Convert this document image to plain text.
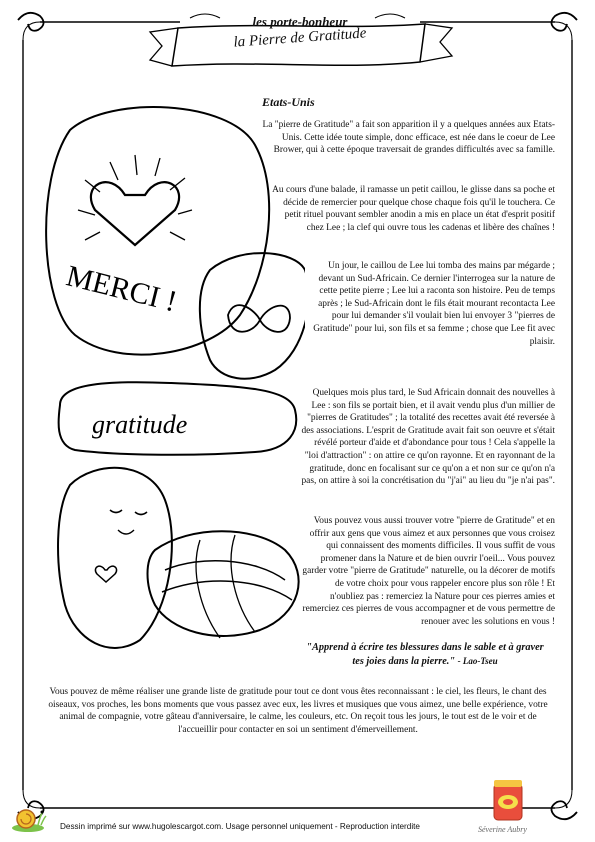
les porte-bonheur
la Pierre de Gratitude
Etats-Unis
MERCI !
gratitude

La "pierre de Gratitude" a fait son apparition il y a quelques années aux Etats-Unis. Cette idée toute simple, donc efficace, est née dans le coeur de Lee Brower, qui à cette époque traversait de grandes difficultés avec sa famille.

Au cours d'une balade, il ramasse un petit caillou, le glisse dans sa poche et décide de remercier pour quelque chose chaque fois qu'il le touchera. Ce petit rituel pouvant sembler anodin a mis en place un état d'esprit positif chez Lee ; la clef qui ouvre tous les cadenas et libère des chaînes !

Un jour, le caillou de Lee lui tomba des mains par mégarde ; devant un Sud-Africain. Ce dernier l'interrogea sur la nature de cette petite pierre ; Lee lui a raconta son histoire. Peu de temps après ; le Sud-Africain dont le fils était mourant recontacta Lee pour lui demander s'il voulait bien lui envoyer 3 "pierres de Gratitude" pour lui, son fils et sa femme ; chose que Lee fit avec plaisir.

Quelques mois plus tard, le Sud Africain donnait des nouvelles à Lee : son fils se portait bien, et il avait vendu plus d'un millier de "pierres de Gratitudes" ; la totalité des recettes avait été reversée à des associations. L'esprit de Gratitude avait fait son oeuvre et s'était révélé porteur d'aide et d'abondance pour tous ! Cela s'appelle la "loi d'attraction" : on attire ce qu'on rayonne. Et en rayonnant de la gratitude, donc en focalisant sur ce qu'on a et non sur ce qu'on n'a pas, on attire à soi la concrétisation du "j'ai" au lieu du "je n'ai pas".

Vous pouvez vous aussi trouver votre "pierre de Gratitude" et en offrir aux gens que vous aimez et aux personnes que vous croisez qui connaissent des moments difficiles. Il vous suffit de vous promener dans la Nature et de bien ouvrir l'oeil... Vous pouvez garder votre "pierre de Gratitude" naturelle, ou la décorer de motifs de votre choix pour vous rappeler encore plus son rôle ! Et n'oubliez pas : remerciez la Nature pour ces pierres amies et remerciez ces pierres de vous accompagner et de vous permettre de renouer avec les solutions en vous !

"Apprend à écrire tes blessures dans le sable et à graver tes joies dans la pierre." - Lao-Tseu

Vous pouvez de même réaliser une grande liste de gratitude pour tout ce dont vous êtes reconnaissant : le ciel, les fleurs, le chant des oiseaux, vos proches, les bons moments que vous passez avec eux, les livres et musiques que vous aimez, une belle expérience, votre animal de compagnie, votre gâteau d'anniversaire, le calme, les couleurs, etc. On reçoit tous les jours, le tout est de le voir et de l'accueillir pour contacter en soi un sentiment d'émerveillement.

Dessin imprimé sur www.hugolescargot.com. Usage personnel uniquement - Reproduction interdite	Séverine Aubry
